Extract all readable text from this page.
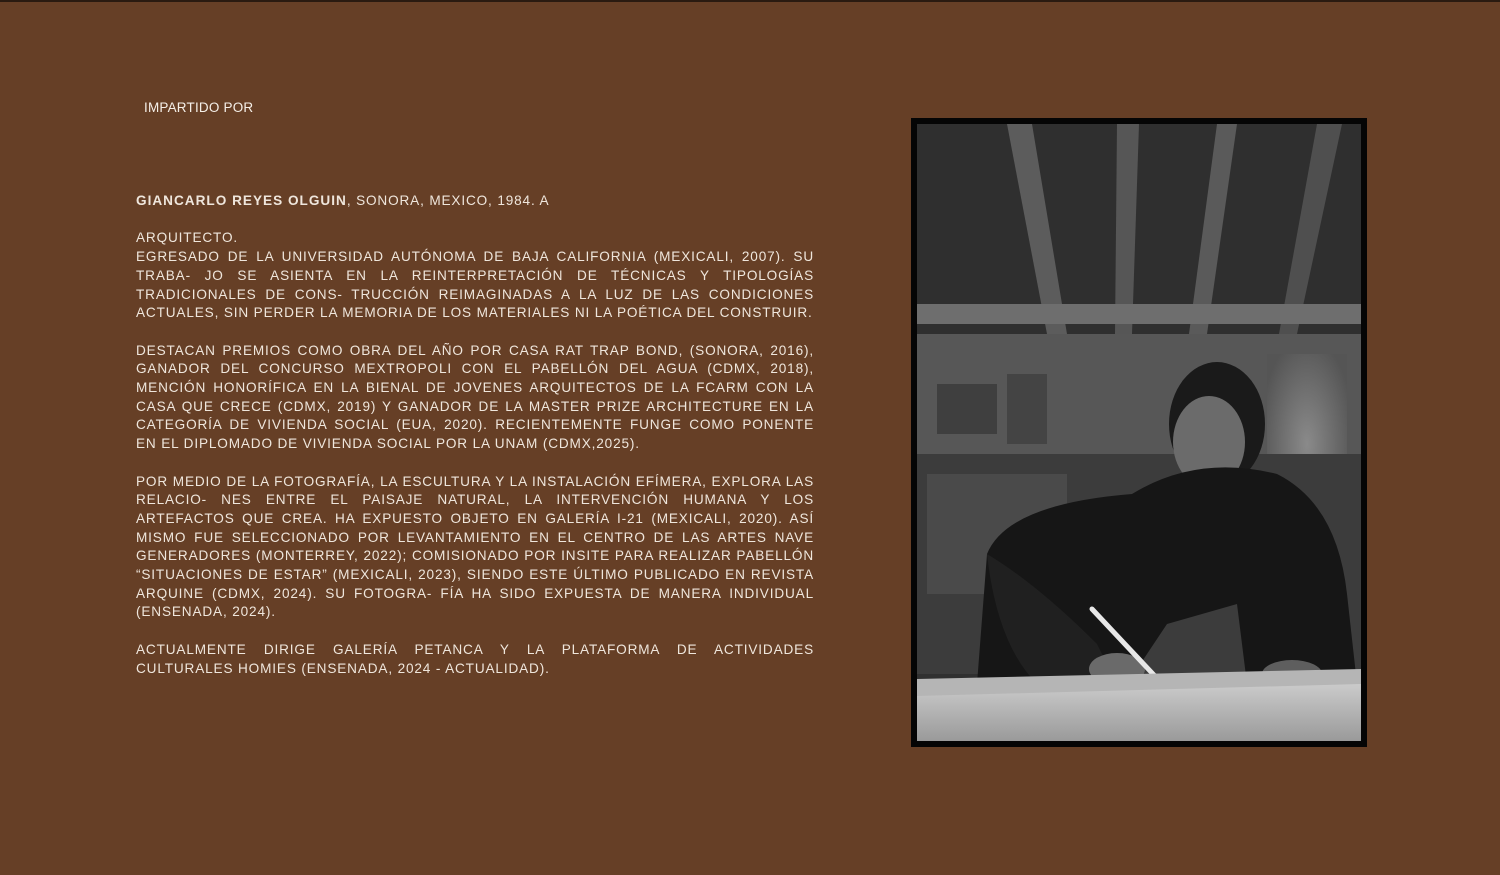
IMPARTIDO POR

GIANCARLO REYES OLGUIN, SONORA, MEXICO, 1984. A

ARQUITECTO.
EGRESADO DE LA UNIVERSIDAD AUTÓNOMA DE BAJA CALIFORNIA (MEXICALI, 2007). SU TRABA- JO SE ASIENTA EN LA REINTERPRETACIÓN DE TÉCNICAS Y TIPOLOGÍAS TRADICIONALES DE CONS- TRUCCIÓN REIMAGINADAS A LA LUZ DE LAS CONDICIONES ACTUALES, SIN PERDER LA MEMORIA DE LOS MATERIALES NI LA POÉTICA DEL CONSTRUIR.

DESTACAN PREMIOS COMO OBRA DEL AÑO POR CASA RAT TRAP BOND, (SONORA, 2016), GANADOR DEL CONCURSO MEXTROPOLI CON EL PABELLÓN DEL AGUA (CDMX, 2018), MENCIÓN HONORÍFICA EN LA BIENAL DE JOVENES ARQUITECTOS DE LA FCARM CON LA CASA QUE CRECE (CDMX, 2019) Y GANADOR DE LA MASTER PRIZE ARCHITECTURE EN LA CATEGORÍA DE VIVIENDA SOCIAL (EUA, 2020). RECIENTEMENTE FUNGE COMO PONENTE EN EL DIPLOMADO DE VIVIENDA SOCIAL POR LA UNAM (CDMX,2025).

POR MEDIO DE LA FOTOGRAFÍA, LA ESCULTURA Y LA INSTALACIÓN EFÍMERA, EXPLORA LAS RELACIO- NES ENTRE EL PAISAJE NATURAL, LA INTERVENCIÓN HUMANA Y LOS ARTEFACTOS QUE CREA. HA EXPUESTO OBJETO EN GALERÍA I-21 (MEXICALI, 2020). ASÍ MISMO FUE SELECCIONADO POR LEVANTAMIENTO EN EL CENTRO DE LAS ARTES NAVE GENERADORES (MONTERREY, 2022); COMISIONADO POR INSITE PARA REALIZAR PABELLÓN “SITUACIONES DE ESTAR” (MEXICALI, 2023), SIENDO ESTE ÚLTIMO PUBLICADO EN REVISTA ARQUINE (CDMX, 2024). SU FOTOGRA- FÍA HA SIDO EXPUESTA DE MANERA INDIVIDUAL (ENSENADA, 2024).

ACTUALMENTE DIRIGE GALERÍA PETANCA Y LA PLATAFORMA DE ACTIVIDADES CULTURALES HOMIES (ENSENADA, 2024 - ACTUALIDAD).
